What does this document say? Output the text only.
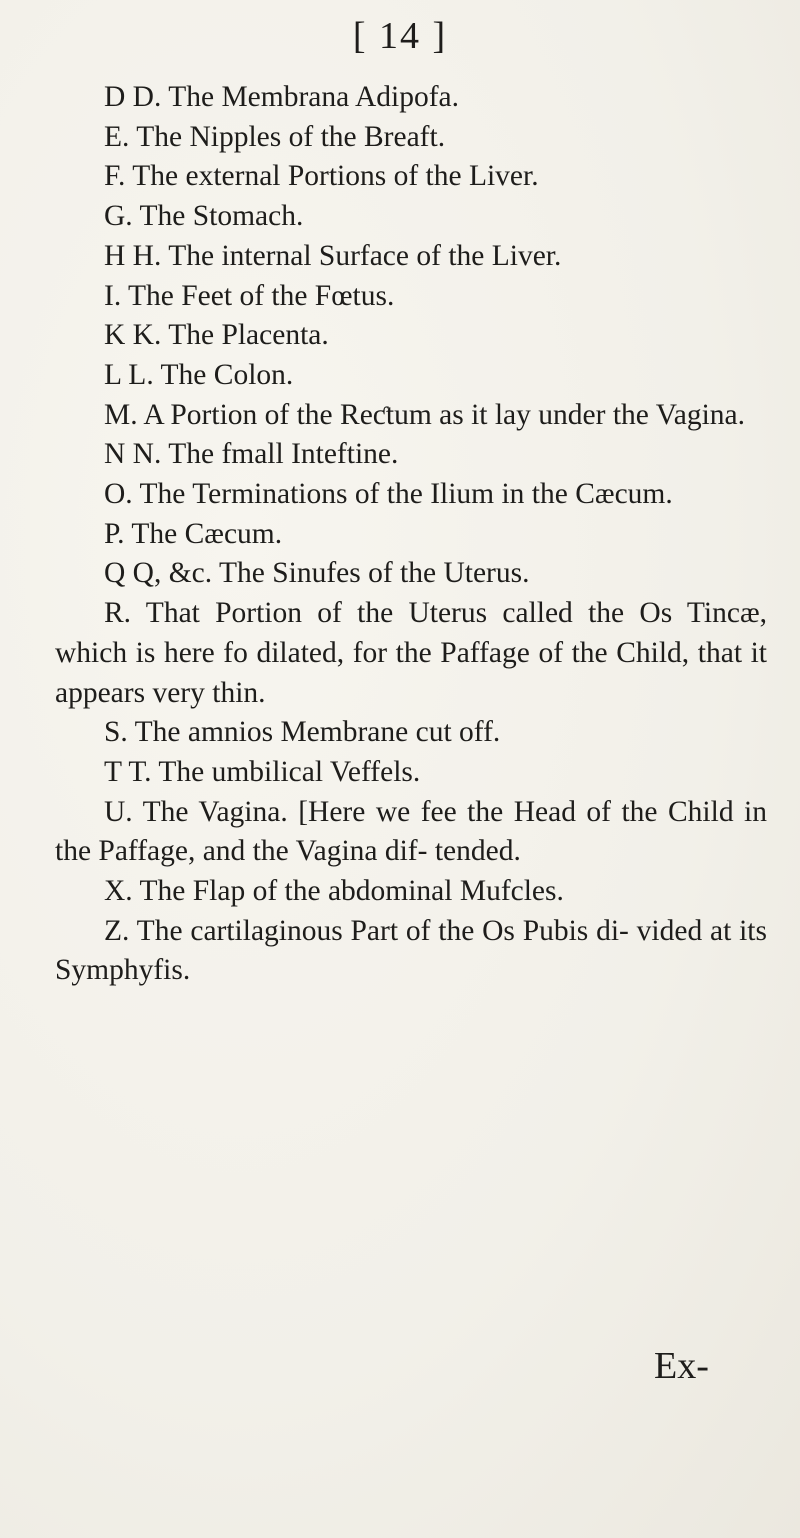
[ 14 ]

D D. The Membrana Adipofa.

E. The Nipples of the Breaft.

F. The external Portions of the Liver.

G. The Stomach.

H H. The internal Surface of the Liver.

I. The Feet of the Fœtus.

K K. The Placenta.

L L. The Colon.

M. A Portion of the Reƈtum as it lay under the Vagina.

N N. The fmall Inteftine.

O. The Terminations of the Ilium in the Cæcum.

P. The Cæcum.

Q Q, &c. The Sinufes of the Uterus.

R. That Portion of the Uterus called the Os Tincæ, which is here fo dilated, for the Paffage of the Child, that it appears very thin.

S. The amnios Membrane cut off.

T T. The umbilical Veffels.

U. The Vagina. [Here we fee the Head of the Child in the Paffage, and the Vagina dif- tended.

X. The Flap of the abdominal Mufcles.

Z. The cartilaginous Part of the Os Pubis di- vided at its Symphyfis.

Ex-
